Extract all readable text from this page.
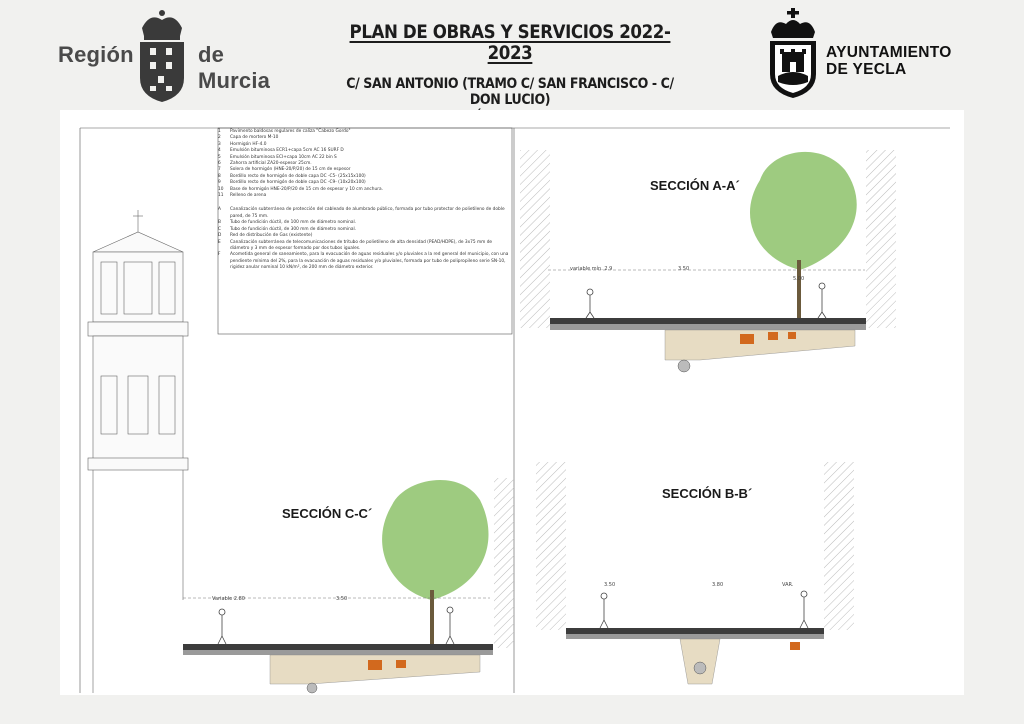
Región	de Murcia
PLAN DE OBRAS Y SERVICIOS 2022-2023
C/ SAN ANTONIO (TRAMO C/ SAN FRANCISCO - C/ DON LUCIO)
AYUNTAMIENTO
DE YECLA
1	Pavimento baldosas regulares de caliza "Cabezo Gordo"
2	Capa de mortero M-10
3	Hormigón HF-4.0
4	Emulsión bituminosa ECR1+capa 5cm AC 16 SURF D
5	Emulsión bituminosa ECI+capa 10cm AC 22 bin S
6	Zahorra artificial ZA20-espesor 25cm.
7	Solera de hormigón (HNE-20/P/20) de 15 cm de espesor
8	Bordillo recto de hormigón de doble capa DC -C5- (25x15x100)
9	Bordillo recto de hormigón de doble capa DC -C9- (10x20x100)
10	Base de hormigón HNE-20/P/20 de 15 cm de espesor y 10 cm anchura.
11	Relleno de arena
A	Canalización subterránea de protección del cableado de alumbrado público, formada por tubo protector de polietileno de doble pared, de 75 mm.
B	Tubo de fundición dúctil, de 100 mm de diámetro nominal.
C	Tubo de fundición dúctil, de 300 mm de diámetro nominal.
D	Red de distribución de Gas (existente)
E	Canalización subterránea de telecomunicaciones de tritubo de polietileno de alta densidad (PEAD/HDPE), de 3x75 mm de diámetro y 3 mm de espesor formado por dos tubos iguales.
F	Acometida general de saneamiento, para la evacuación de aguas residuales y/o pluviales a la red general del municipio, con una pendiente mínima del 2%, para la evacuación de aguas residuales y/o pluviales, formada por tubo de polipropileno serie SN-10, rigidez anular nominal 10 kN/m², de 200 mm de diámetro exterior.
SECCIÓN A-A´
SECCIÓN B-B´
SECCIÓN C-C´
variable mín. 2.9	3.50
5.00
3.50	3.80	VAR.
Variable 2.80	3.50
